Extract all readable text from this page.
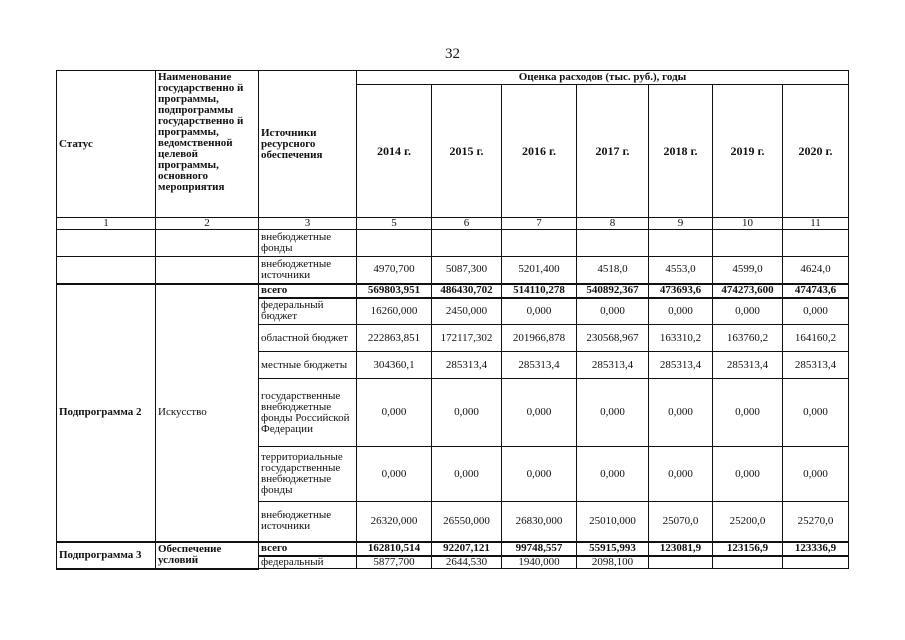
32
Статус	Наименование государственно й программы, подпрограммы государственно й программы, ведомственной целевой программы, основного мероприятия	Источники ресурсного обеспечения	Оценка расходов (тыс. руб.), годы						
			2014 г.	2015 г.	2016 г.	2017 г.	2018 г.	2019 г.	2020 г.
1	2	3	5	6	7	8	9	10	11
		внебюджетные фонды							
		внебюджетные источники	4970,700	5087,300	5201,400	4518,0	4553,0	4599,0	4624,0
Подпрограмма 2	Искусство	всего	569803,951	486430,702	514110,278	540892,367	473693,6	474273,600	474743,6
		федеральный бюджет	16260,000	2450,000	0,000	0,000	0,000	0,000	0,000
		областной бюджет	222863,851	172117,302	201966,878	230568,967	163310,2	163760,2	164160,2
		местные бюджеты	304360,1	285313,4	285313,4	285313,4	285313,4	285313,4	285313,4
		государственные внебюджетные фонды Российской Федерации	0,000	0,000	0,000	0,000	0,000	0,000	0,000
		территориальные государственные внебюджетные фонды	0,000	0,000	0,000	0,000	0,000	0,000	0,000
		внебюджетные источники	26320,000	26550,000	26830,000	25010,000	25070,0	25200,0	25270,0
Подпрограмма 3	Обеспечение условий	всего	162810,514	92207,121	99748,557	55915,993	123081,9	123156,9	123336,9
		федеральный	5877,700	2644,530	1940,000	2098,100			
